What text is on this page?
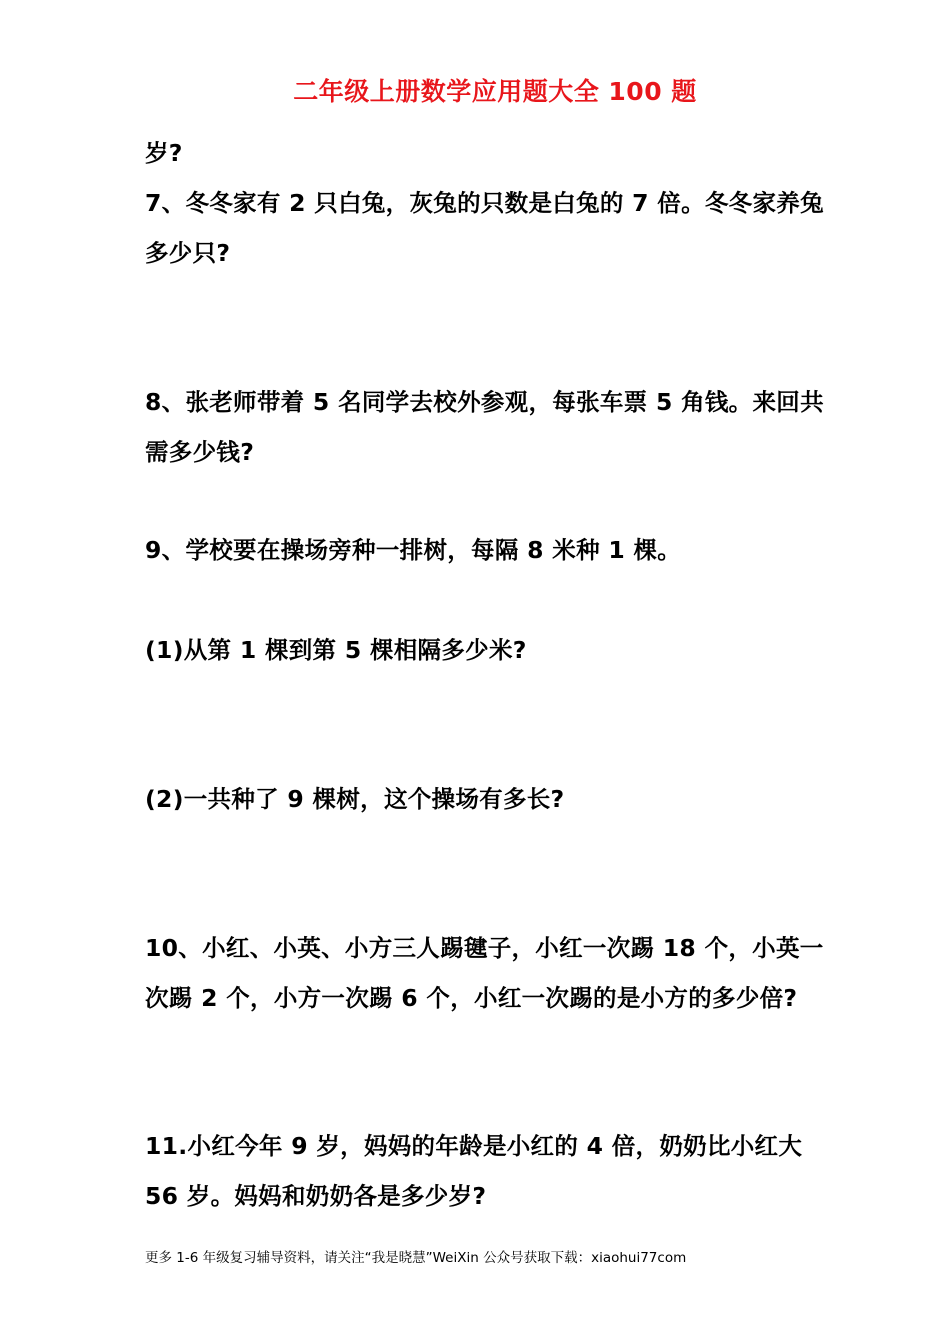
二年级上册数学应用题大全 100 题

岁?

7、冬冬家有 2 只白兔，灰兔的只数是白兔的 7 倍。冬冬家养兔多少只?

8、张老师带着 5 名同学去校外参观，每张车票 5 角钱。来回共需多少钱?

9、学校要在操场旁种一排树，每隔 8 米种 1 棵。

(1)从第 1 棵到第 5 棵相隔多少米?

(2)一共种了 9 棵树，这个操场有多长?

10、小红、小英、小方三人踢毽子，小红一次踢 18 个，小英一次踢 2 个，小方一次踢 6 个，小红一次踢的是小方的多少倍?

11.小红今年 9 岁，妈妈的年龄是小红的 4 倍，奶奶比小红大 56 岁。妈妈和奶奶各是多少岁?

更多 1-6 年级复习辅导资料，请关注“我是晓慧”WeiXin 公众号获取下载：xiaohui77com
